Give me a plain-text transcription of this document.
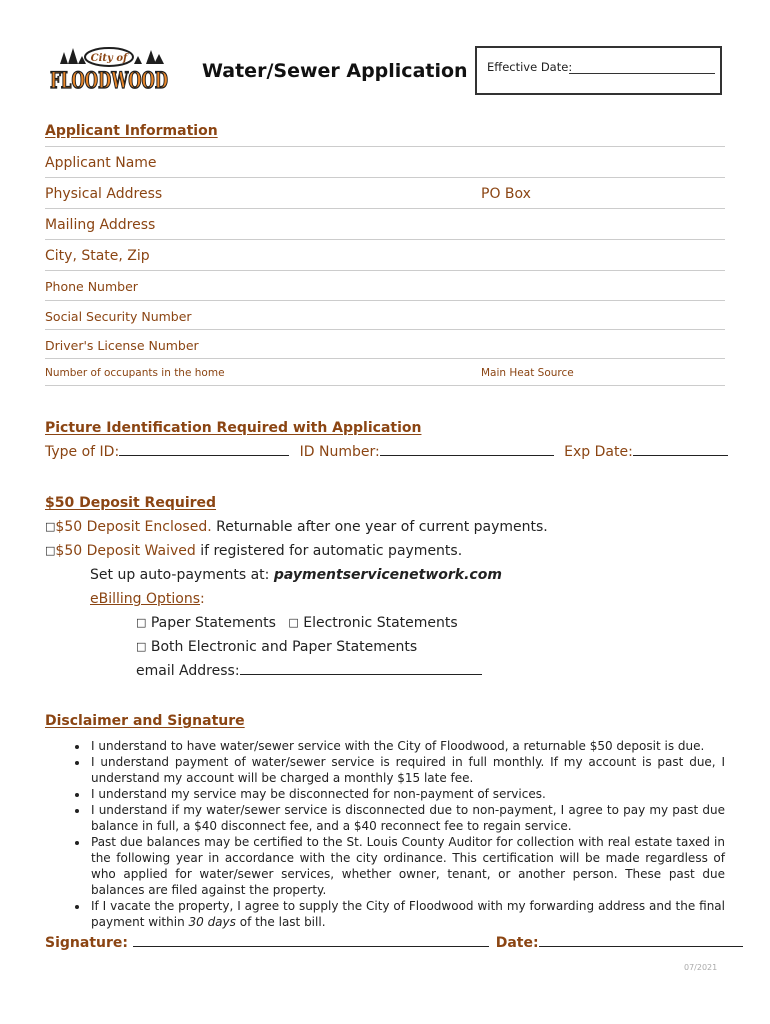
City of
FLOODWOOD Water/Sewer Application Effective Date:
Applicant Information
Applicant Name
Physical Address	PO Box
Mailing Address
City, State, Zip
Phone Number
Social Security Number
Driver's License Number
Number of occupants in the home	Main Heat Source
Picture Identification Required with Application
Type of ID:	ID Number:	Exp Date:
$50 Deposit Required
□$50 Deposit Enclosed. Returnable after one year of current payments.
□$50 Deposit Waived if registered for automatic payments.
Set up auto-payments at: paymentservicenetwork.com
eBilling Options:
□ Paper Statements □ Electronic Statements
□ Both Electronic and Paper Statements
email Address:
Disclaimer and Signature
• I understand to have water/sewer service with the City of Floodwood, a returnable $50 deposit is due.
• I understand payment of water/sewer service is required in full monthly. If my account is past due, I understand my account will be charged a monthly $15 late fee.
• I understand my service may be disconnected for non-payment of services.
• I understand if my water/sewer service is disconnected due to non-payment, I agree to pay my past due balance in full, a $40 disconnect fee, and a $40 reconnect fee to regain service.
• Past due balances may be certified to the St. Louis County Auditor for collection with real estate taxed in the following year in accordance with the city ordinance. This certification will be made regardless of who applied for water/sewer services, whether owner, tenant, or another person. These past due balances are filed against the property.
• If I vacate the property, I agree to supply the City of Floodwood with my forwarding address and the final payment within 30 days of the last bill.
Signature:	Date:
07/2021
